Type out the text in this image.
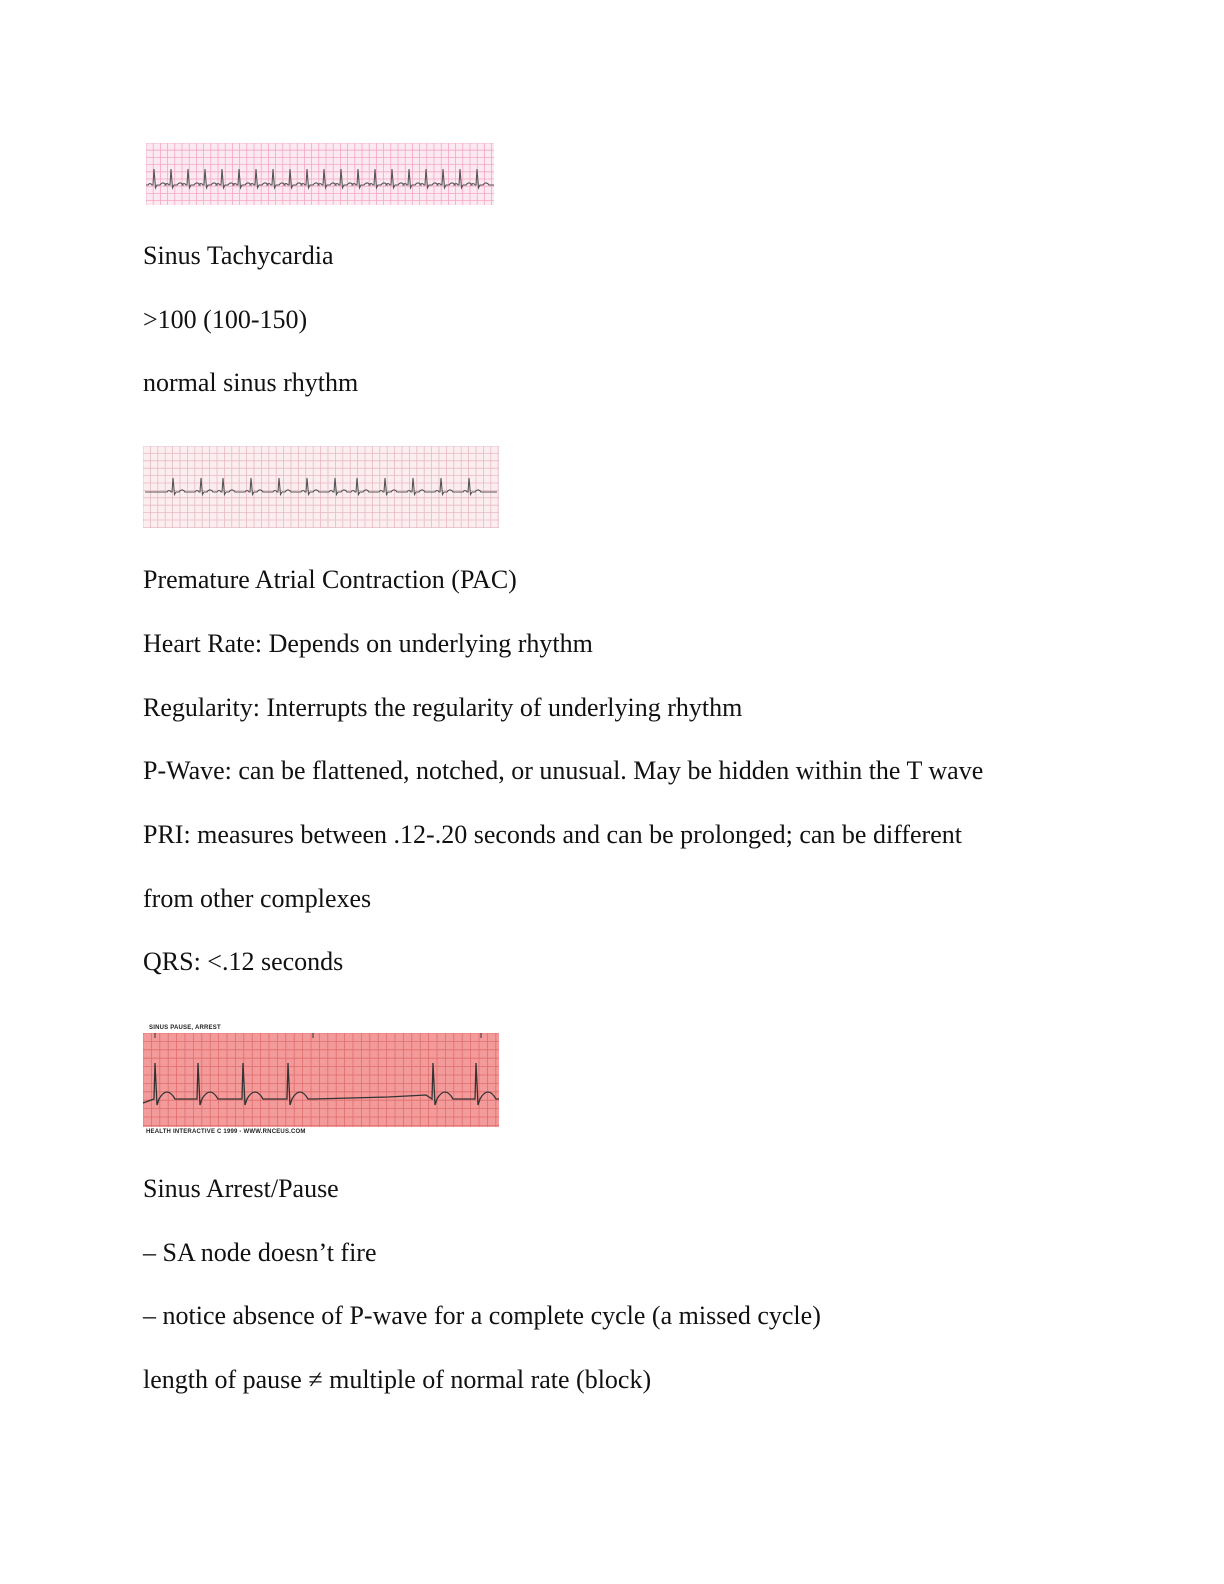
Sinus Tachycardia

>100 (100-150)

normal sinus rhythm

Premature Atrial Contraction (PAC)

Heart Rate: Depends on underlying rhythm

Regularity: Interrupts the regularity of underlying rhythm

P-Wave: can be flattened, notched, or unusual. May be hidden within the T wave

PRI: measures between .12-.20 seconds and can be prolonged; can be different

from other complexes

QRS: <.12 seconds

SINUS PAUSE, ARREST
HEALTH INTERACTIVE C 1999 - WWW.RNCEUS.COM

Sinus Arrest/Pause

– SA node doesn’t fire

– notice absence of P-wave for a complete cycle (a missed cycle)

length of pause ≠ multiple of normal rate (block)
